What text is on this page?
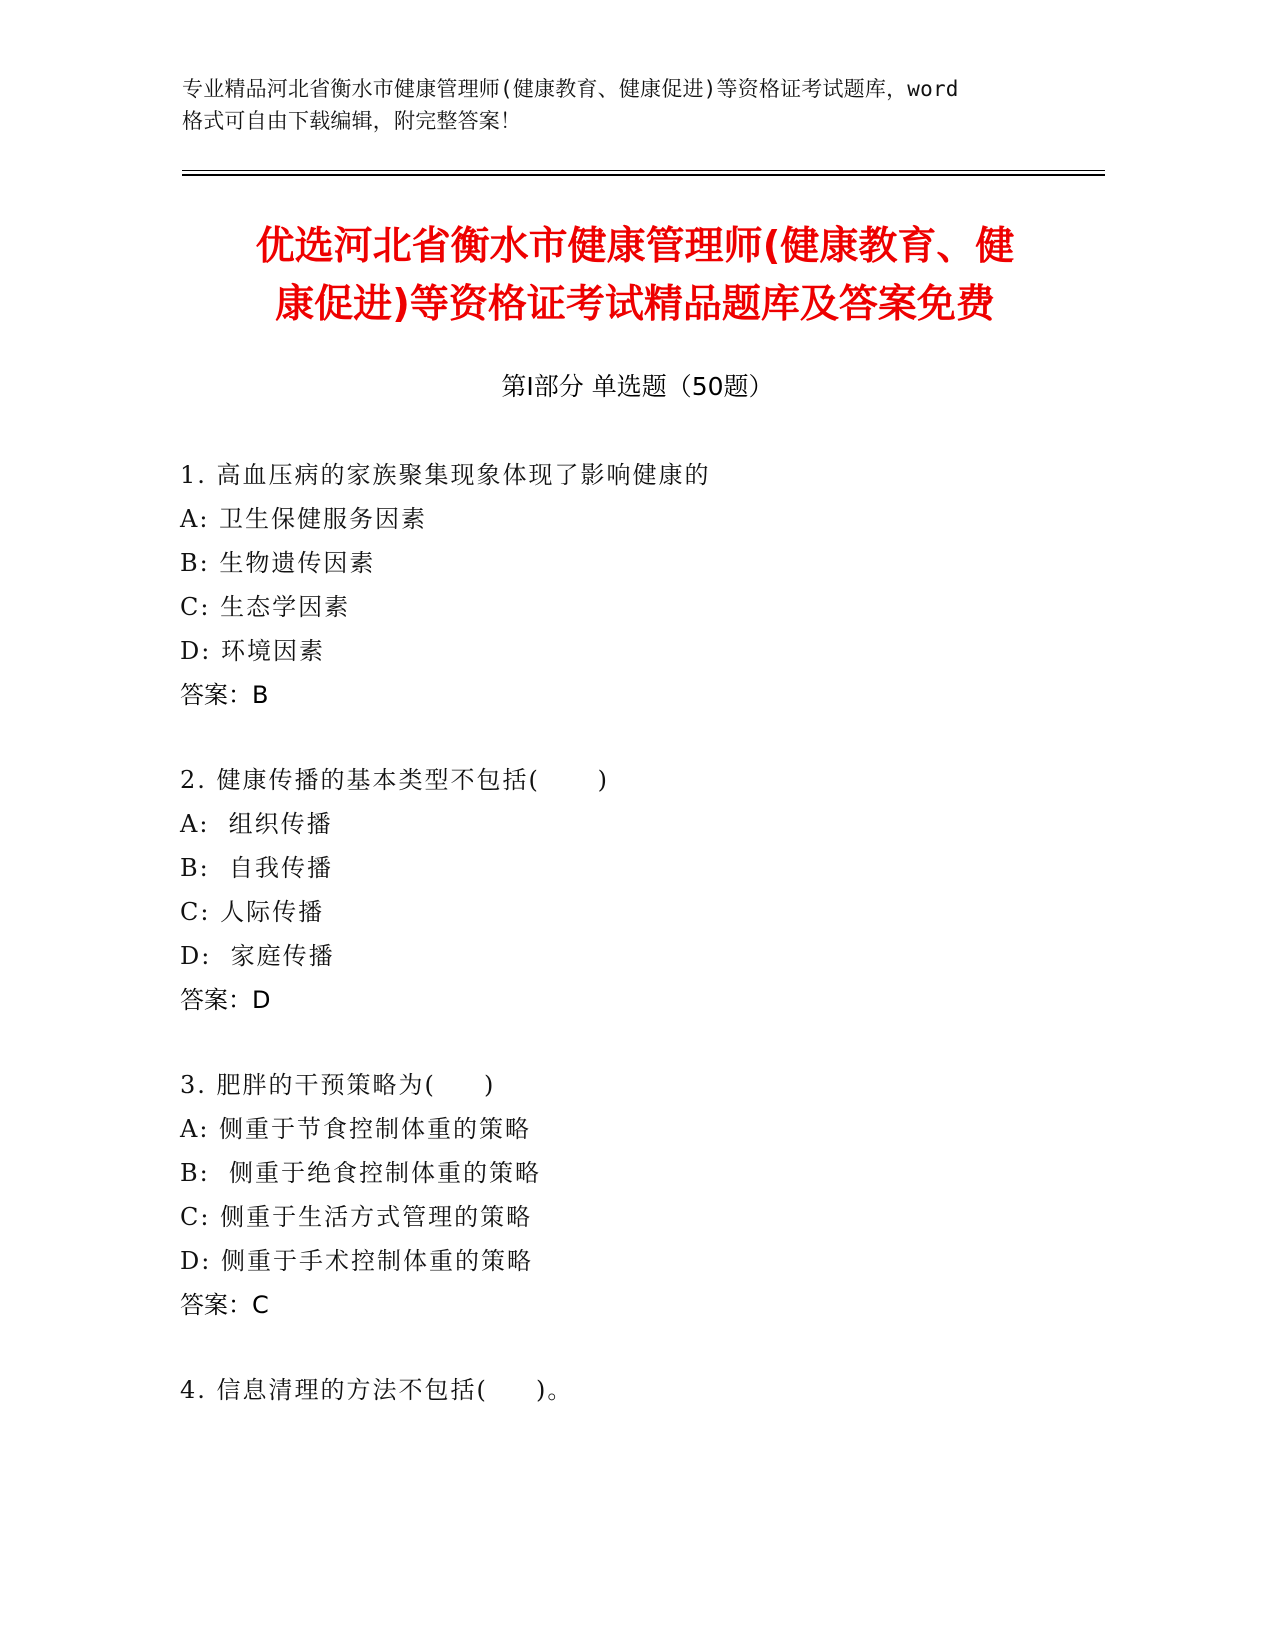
专业精品河北省衡水市健康管理师(健康教育、健康促进)等资格证考试题库，word
格式可自由下载编辑，附完整答案！
优选河北省衡水市健康管理师(健康教育、健
康促进)等资格证考试精品题库及答案免费
第Ⅰ部分 单选题（50题）
1. 高血压病的家族聚集现象体现了影响健康的
A: 卫生保健服务因素
B: 生物遗传因素
C: 生态学因素
D: 环境因素
答案：B
2. 健康传播的基本类型不包括(      )
A:  组织传播
B:  自我传播
C: 人际传播
D:  家庭传播
答案：D
3. 肥胖的干预策略为(     )
A: 侧重于节食控制体重的策略
B:  侧重于绝食控制体重的策略
C: 侧重于生活方式管理的策略
D: 侧重于手术控制体重的策略
答案：C
4. 信息清理的方法不包括(     )。
